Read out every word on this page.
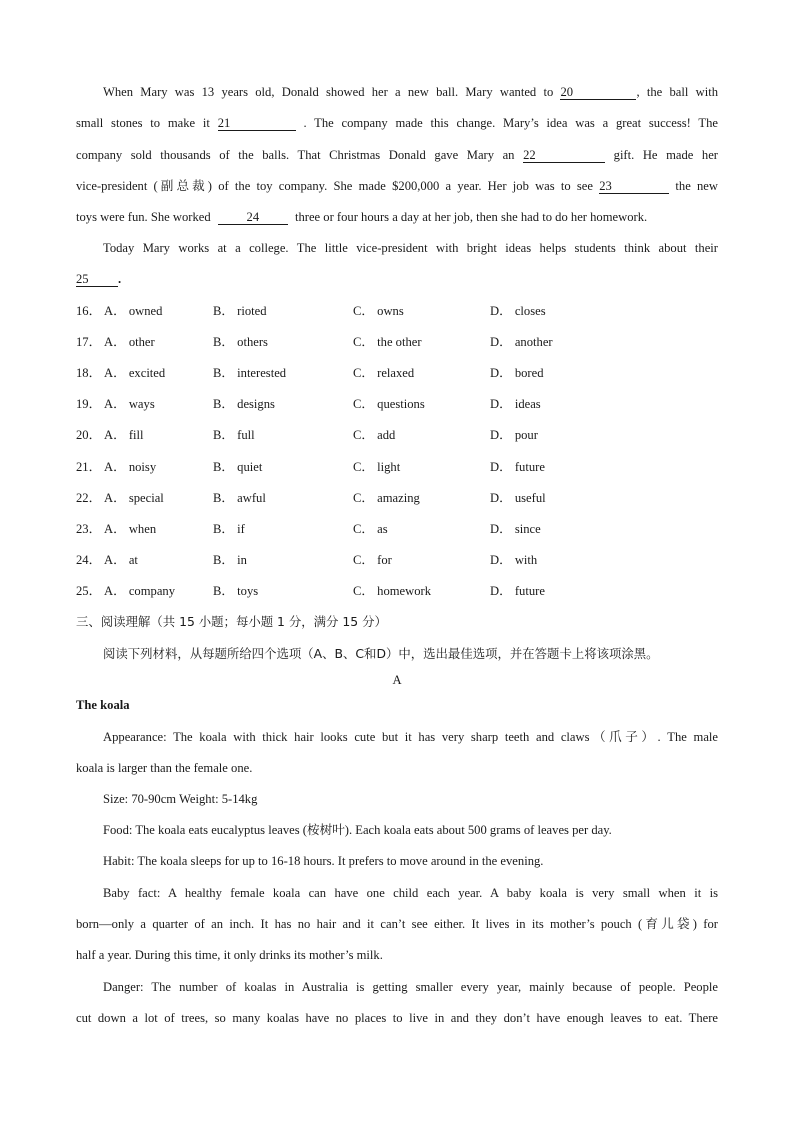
When Mary was 13 years old, Donald showed her a new ball. Mary wanted to 20	, the ball with
small stones to make it 21	. The company made this change. Mary’s idea was a great success! The
company sold thousands of the balls. That Christmas Donald gave Mary an 22	gift. He made her
vice-president (副总裁) of the toy company. She made $200,000 a year. Her job was to see 23	the new
toys were fun. She worked	24	three or four hours a day at her job, then she had to do her homework.
Today Mary works at a college. The little vice-president with bright ideas helps students think about their
25 .
16． A． owned	B． rioted	C． owns	D． closes
17． A． other	B． others	C． the other	D． another
18． A． excited	B． interested	C． relaxed	D． bored
19． A． ways	B． designs	C． questions	D． ideas
20． A． fill	B． full	C． add	D． pour
21． A． noisy	B． quiet	C． light	D． future
22． A． special	B． awful	C． amazing	D． useful
23． A． when	B． if	C． as	D． since
24． A． at	B． in	C． for	D． with
25． A． company	B． toys	C． homework	D． future
三、阅读理解（共 15 小题；每小题 1 分，满分 15 分）
阅读下列材料，从每题所给四个选项（A、B、C和D）中，选出最佳选项，并在答题卡上将该项涂黑。
A
The koala
Appearance: The koala with thick hair looks cute but it has very sharp teeth and claws（爪子）. The male
koala is larger than the female one.
Size: 70-90cm Weight: 5-14kg
Food: The koala eats eucalyptus leaves (桉树叶). Each koala eats about 500 grams of leaves per day.
Habit: The koala sleeps for up to 16-18 hours. It prefers to move around in the evening.
Baby fact: A healthy female koala can have one child each year. A baby koala is very small when it is
born—only a quarter of an inch. It has no hair and it can’t see either. It lives in its mother’s pouch (育儿袋) for
half a year. During this time, it only drinks its mother’s milk.
Danger: The number of koalas in Australia is getting smaller every year, mainly because of people. People
cut down a lot of trees, so many koalas have no places to live in and they don’t have enough leaves to eat. There
